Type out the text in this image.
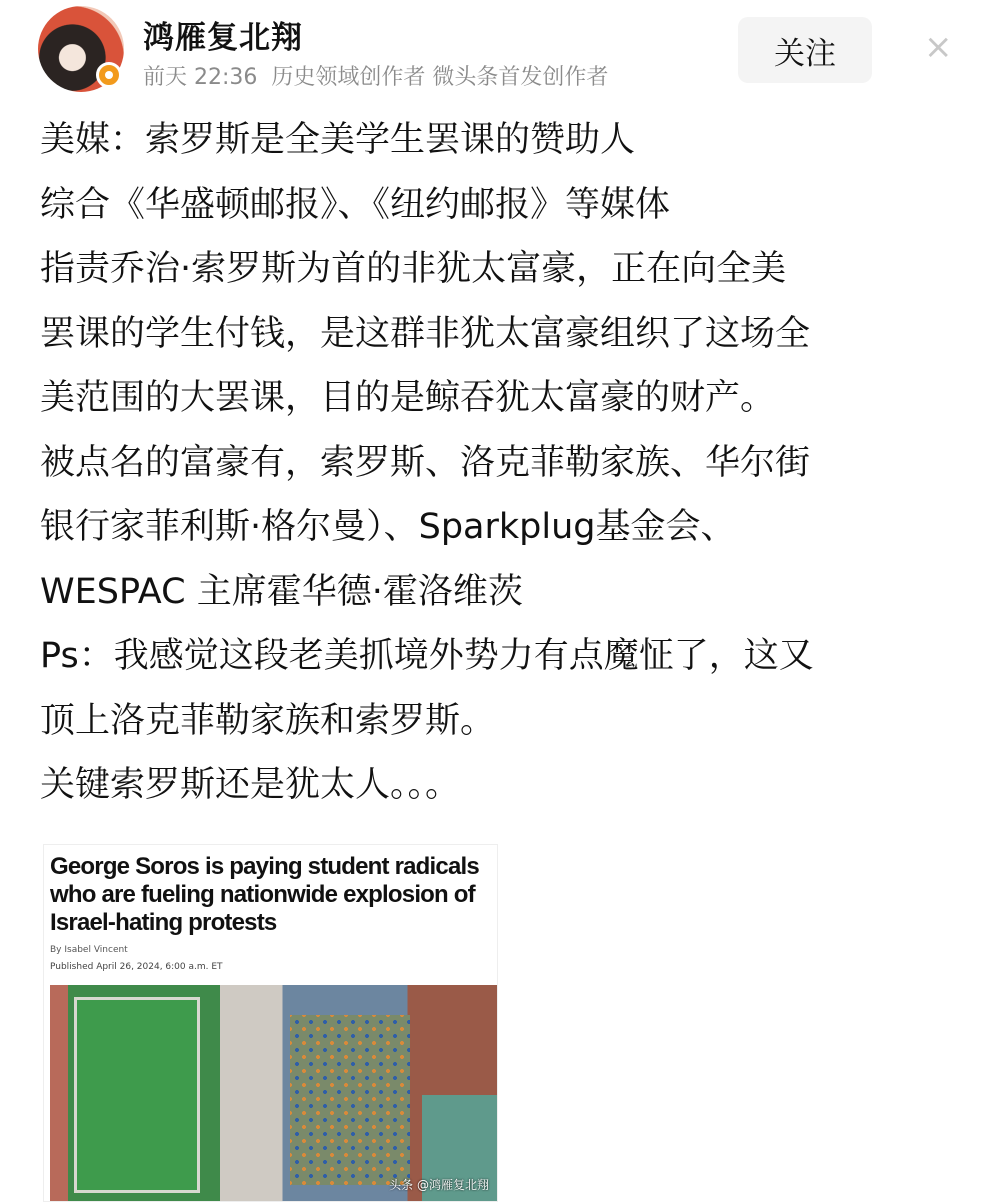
鸿雁复北翔
前天 22:36 历史领域创作者 微头条首发创作者
关注	×
美媒：索罗斯是全美学生罢课的赞助人
综合《华盛顿邮报》、《纽约邮报》等媒体
指责乔治·索罗斯为首的非犹太富豪，正在向全美
罢课的学生付钱，是这群非犹太富豪组织了这场全
美范围的大罢课，目的是鲸吞犹太富豪的财产。
被点名的富豪有，索罗斯、洛克菲勒家族、华尔街
银行家菲利斯·格尔曼）、Sparkplug基金会、
WESPAC 主席霍华德·霍洛维茨
Ps：我感觉这段老美抓境外势力有点魔怔了，这又
顶上洛克菲勒家族和索罗斯。
关键索罗斯还是犹太人。。。
George Soros is paying student radicals
who are fueling nationwide explosion of
Israel-hating protests
By Isabel Vincent
Published April 26, 2024, 6:00 a.m. ET
头条 @鸿雁复北翔
